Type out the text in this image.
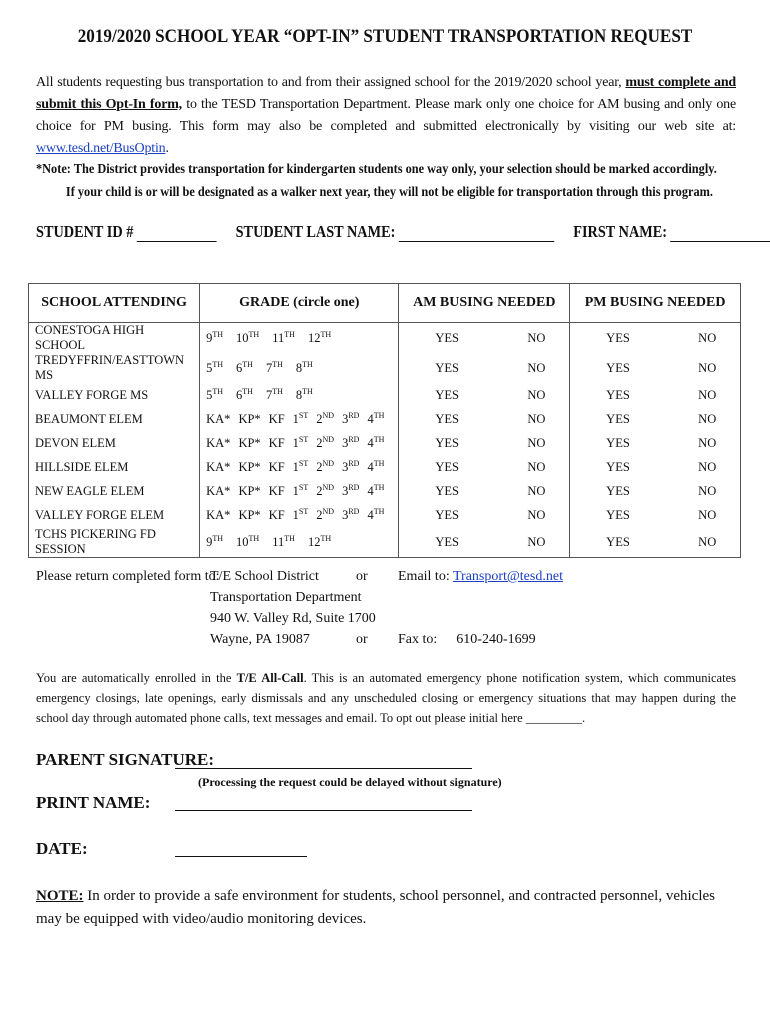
2019/2020 SCHOOL YEAR “OPT-IN” STUDENT TRANSPORTATION REQUEST
All students requesting bus transportation to and from their assigned school for the 2019/2020 school year, must complete and submit this Opt-In form, to the TESD Transportation Department. Please mark only one choice for AM busing and only one choice for PM busing. This form may also be completed and submitted electronically by visiting our web site at: www.tesd.net/BusOptin.
*Note: The District provides transportation for kindergarten students one way only, your selection should be marked accordingly.
If your child is or will be designated as a walker next year, they will not be eligible for transportation through this program.
STUDENT ID #	STUDENT LAST NAME:	FIRST NAME:
SCHOOL ATTENDING	GRADE (circle one)	AM BUSING NEEDED	PM BUSING NEEDED
CONESTOGA HIGH SCHOOL	9TH 10TH 11TH 12TH	YES NO	YES NO
TREDYFFRIN/EASTTOWN MS	5TH 6TH 7TH 8TH	YES NO	YES NO
VALLEY FORGE MS	5TH 6TH 7TH 8TH	YES NO	YES NO
BEAUMONT ELEM	KA* KP* KF 1ST 2ND 3RD 4TH	YES NO	YES NO
DEVON ELEM	KA* KP* KF 1ST 2ND 3RD 4TH	YES NO	YES NO
HILLSIDE ELEM	KA* KP* KF 1ST 2ND 3RD 4TH	YES NO	YES NO
NEW EAGLE ELEM	KA* KP* KF 1ST 2ND 3RD 4TH	YES NO	YES NO
VALLEY FORGE ELEM	KA* KP* KF 1ST 2ND 3RD 4TH	YES NO	YES NO
TCHS PICKERING FD SESSION	9TH 10TH 11TH 12TH	YES NO	YES NO
Please return completed form to:
T/E School District
Transportation Department
940 W. Valley Rd, Suite 1700
Wayne, PA 19087
or
or
Email to: Transport@tesd.net
Fax to: 610-240-1699
You are automatically enrolled in the T/E All-Call. This is an automated emergency phone notification system, which communicates emergency closings, late openings, early dismissals and any unscheduled closing or emergency situations that may happen during the school day through automated phone calls, text messages and email. To opt out please initial here _________.
PARENT SIGNATURE:
(Processing the request could be delayed without signature)
PRINT NAME:
DATE:
NOTE: In order to provide a safe environment for students, school personnel, and contracted personnel, vehicles may be equipped with video/audio monitoring devices.
